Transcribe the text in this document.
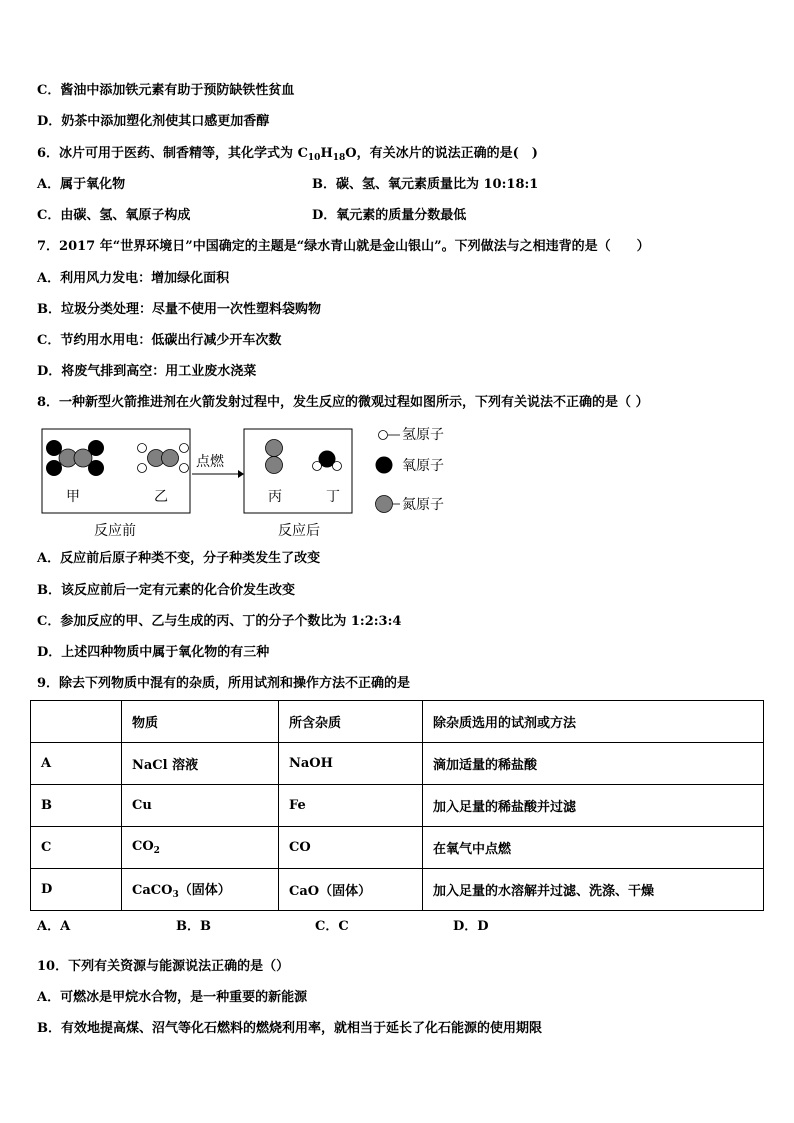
C．酱油中添加铁元素有助于预防缺铁性贫血
D．奶茶中添加塑化剂使其口感更加香醇
6．冰片可用于医药、制香精等，其化学式为 $C_{10}H_{18}O$，有关冰片的说法正确的是(　)
A．属于氧化物	B．碳、氢、氧元素质量比为 10:18:1
C．由碳、氢、氧原子构成	D．氧元素的质量分数最低
7．2017 年“世界环境日”中国确定的主题是“绿水青山就是金山银山”。下列做法与之相违背的是（　　）
A．利用风力发电：增加绿化面积
B．垃圾分类处理：尽量不使用一次性塑料袋购物
C．节约用水用电：低碳出行减少开车次数
D．将废气排到高空：用工业废水浇菜
8．一种新型火箭推进剂在火箭发射过程中，发生反应的微观过程如图所示，下列有关说法不正确的是（ ）
甲	乙
点燃
丙	丁
反应前	反应后
氢原子
氧原子
氮原子
A．反应前后原子种类不变，分子种类发生了改变
B．该反应前后一定有元素的化合价发生改变
C．参加反应的甲、乙与生成的丙、丁的分子个数比为 1:2:3:4
D．上述四种物质中属于氧化物的有三种
9．除去下列物质中混有的杂质，所用试剂和操作方法不正确的是
	物质	所含杂质	除杂质选用的试剂或方法
A	NaCl 溶液	NaOH	滴加适量的稀盐酸
B	Cu	Fe	加入足量的稀盐酸并过滤
C	$CO_2$	CO	在氧气中点燃
D	CaCO$_3$（固体）	CaO（固体）	加入足量的水溶解并过滤、洗涤、干燥
A．A	B．B	C．C	D．D
10．下列有关资源与能源说法正确的是（）
A．可燃冰是甲烷水合物，是一种重要的新能源
B．有效地提高煤、沼气等化石燃料的燃烧利用率，就相当于延长了化石能源的使用期限
